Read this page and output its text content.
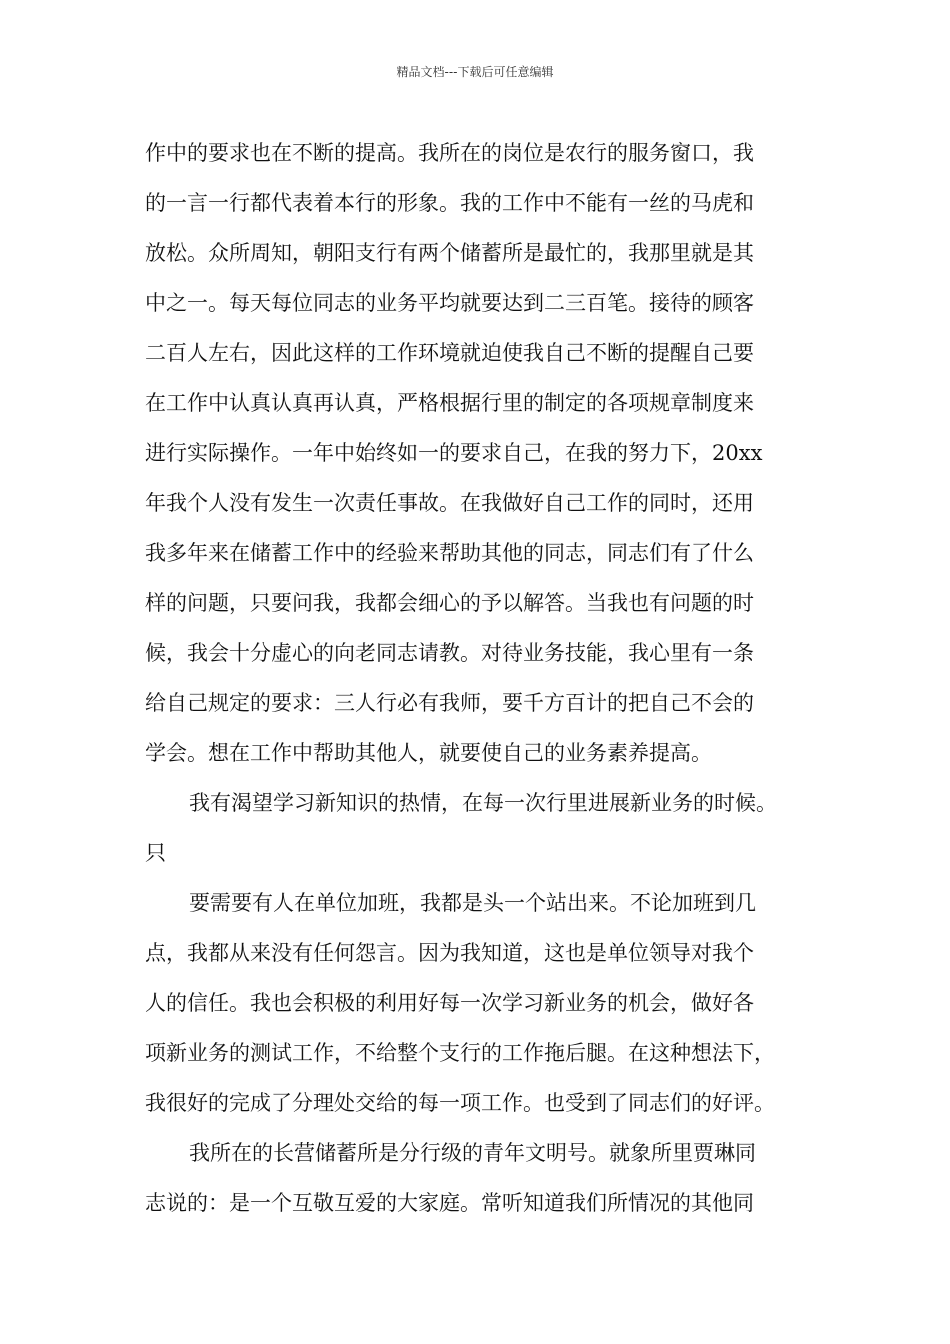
精品文档---下载后可任意编辑
作中的要求也在不断的提高。我所在的岗位是农行的服务窗口，我
的一言一行都代表着本行的形象。我的工作中不能有一丝的马虎和
放松。众所周知，朝阳支行有两个储蓄所是最忙的，我那里就是其
中之一。每天每位同志的业务平均就要达到二三百笔。接待的顾客
二百人左右，因此这样的工作环境就迫使我自己不断的提醒自己要
在工作中认真认真再认真，严格根据行里的制定的各项规章制度来
进行实际操作。一年中始终如一的要求自己，在我的努力下，20xx
年我个人没有发生一次责任事故。在我做好自己工作的同时，还用
我多年来在储蓄工作中的经验来帮助其他的同志，同志们有了什么
样的问题，只要问我，我都会细心的予以解答。当我也有问题的时
候，我会十分虚心的向老同志请教。对待业务技能，我心里有一条
给自己规定的要求：三人行必有我师，要千方百计的把自己不会的
学会。想在工作中帮助其他人，就要使自己的业务素养提高。
我有渴望学习新知识的热情，在每一次行里进展新业务的时候。
只
要需要有人在单位加班，我都是头一个站出来。不论加班到几
点，我都从来没有任何怨言。因为我知道，这也是单位领导对我个
人的信任。我也会积极的利用好每一次学习新业务的机会，做好各
项新业务的测试工作，不给整个支行的工作拖后腿。在这种想法下，
我很好的完成了分理处交给的每一项工作。也受到了同志们的好评。
我所在的长营储蓄所是分行级的青年文明号。就象所里贾琳同
志说的：是一个互敬互爱的大家庭。常听知道我们所情况的其他同
